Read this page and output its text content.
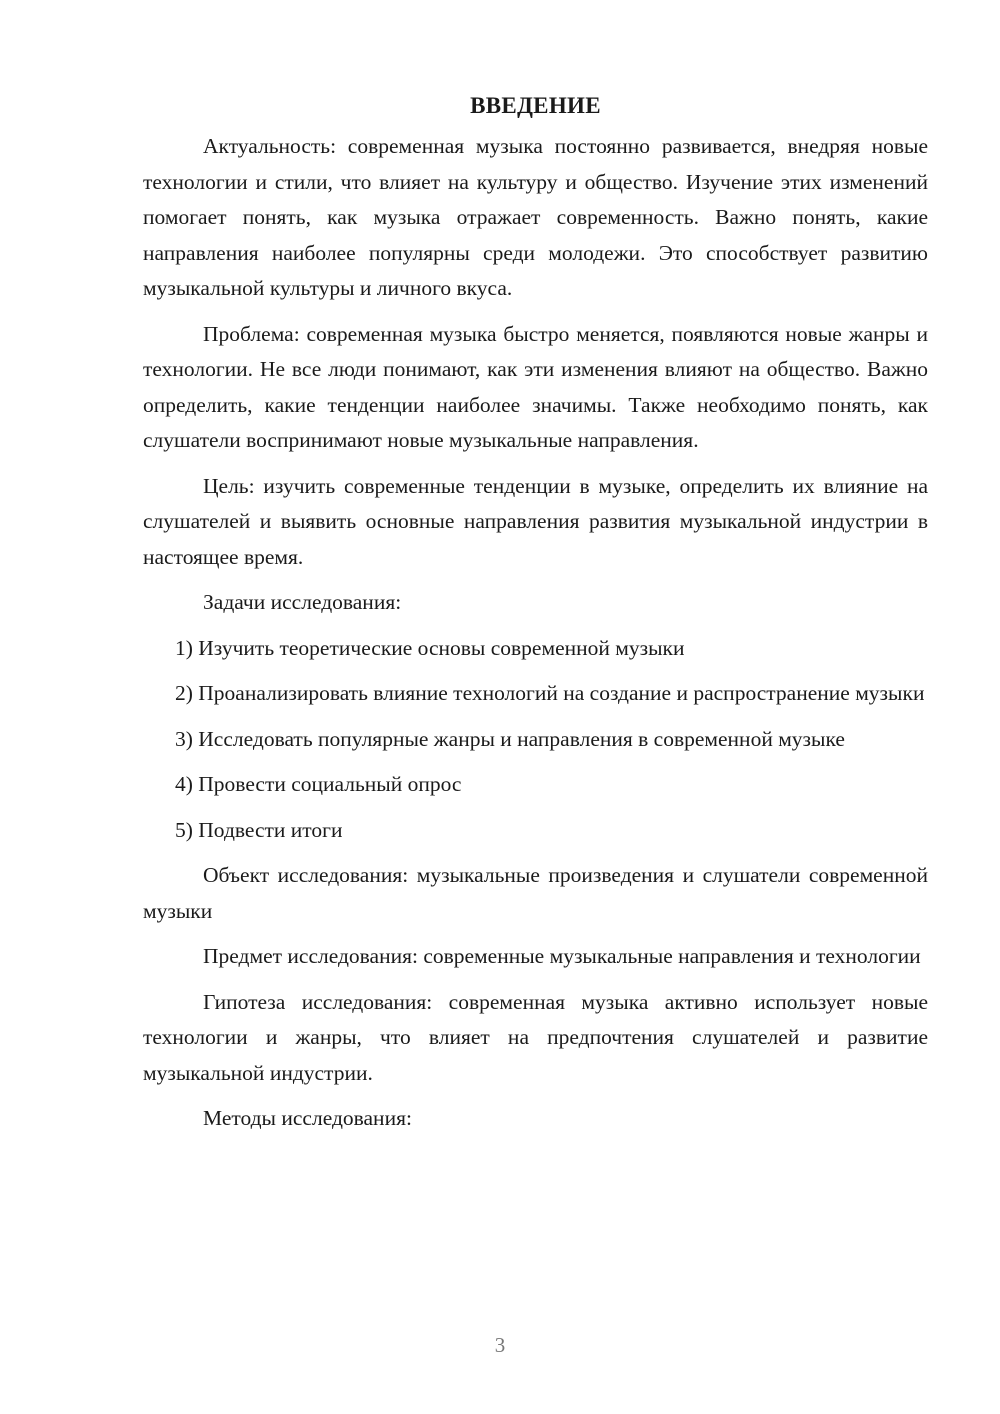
ВВЕДЕНИЕ

Актуальность: современная музыка постоянно развивается, внедряя новые технологии и стили, что влияет на культуру и общество. Изучение этих изменений помогает понять, как музыка отражает современность. Важно понять, какие направления наиболее популярны среди молодежи. Это способствует развитию музыкальной культуры и личного вкуса.

Проблема: современная музыка быстро меняется, появляются новые жанры и технологии. Не все люди понимают, как эти изменения влияют на общество. Важно определить, какие тенденции наиболее значимы. Также необходимо понять, как слушатели воспринимают новые музыкальные направления.

Цель: изучить современные тенденции в музыке, определить их влияние на слушателей и выявить основные направления развития музыкальной индустрии в настоящее время.

Задачи исследования:

1) Изучить теоретические основы современной музыки

2) Проанализировать влияние технологий на создание и распространение музыки

3) Исследовать популярные жанры и направления в современной музыке

4) Провести социальный опрос

5) Подвести итоги

Объект исследования: музыкальные произведения и слушатели современной музыки

Предмет исследования: современные музыкальные направления и технологии

Гипотеза исследования: современная музыка активно использует новые технологии и жанры, что влияет на предпочтения слушателей и развитие музыкальной индустрии.

Методы исследования:

3
